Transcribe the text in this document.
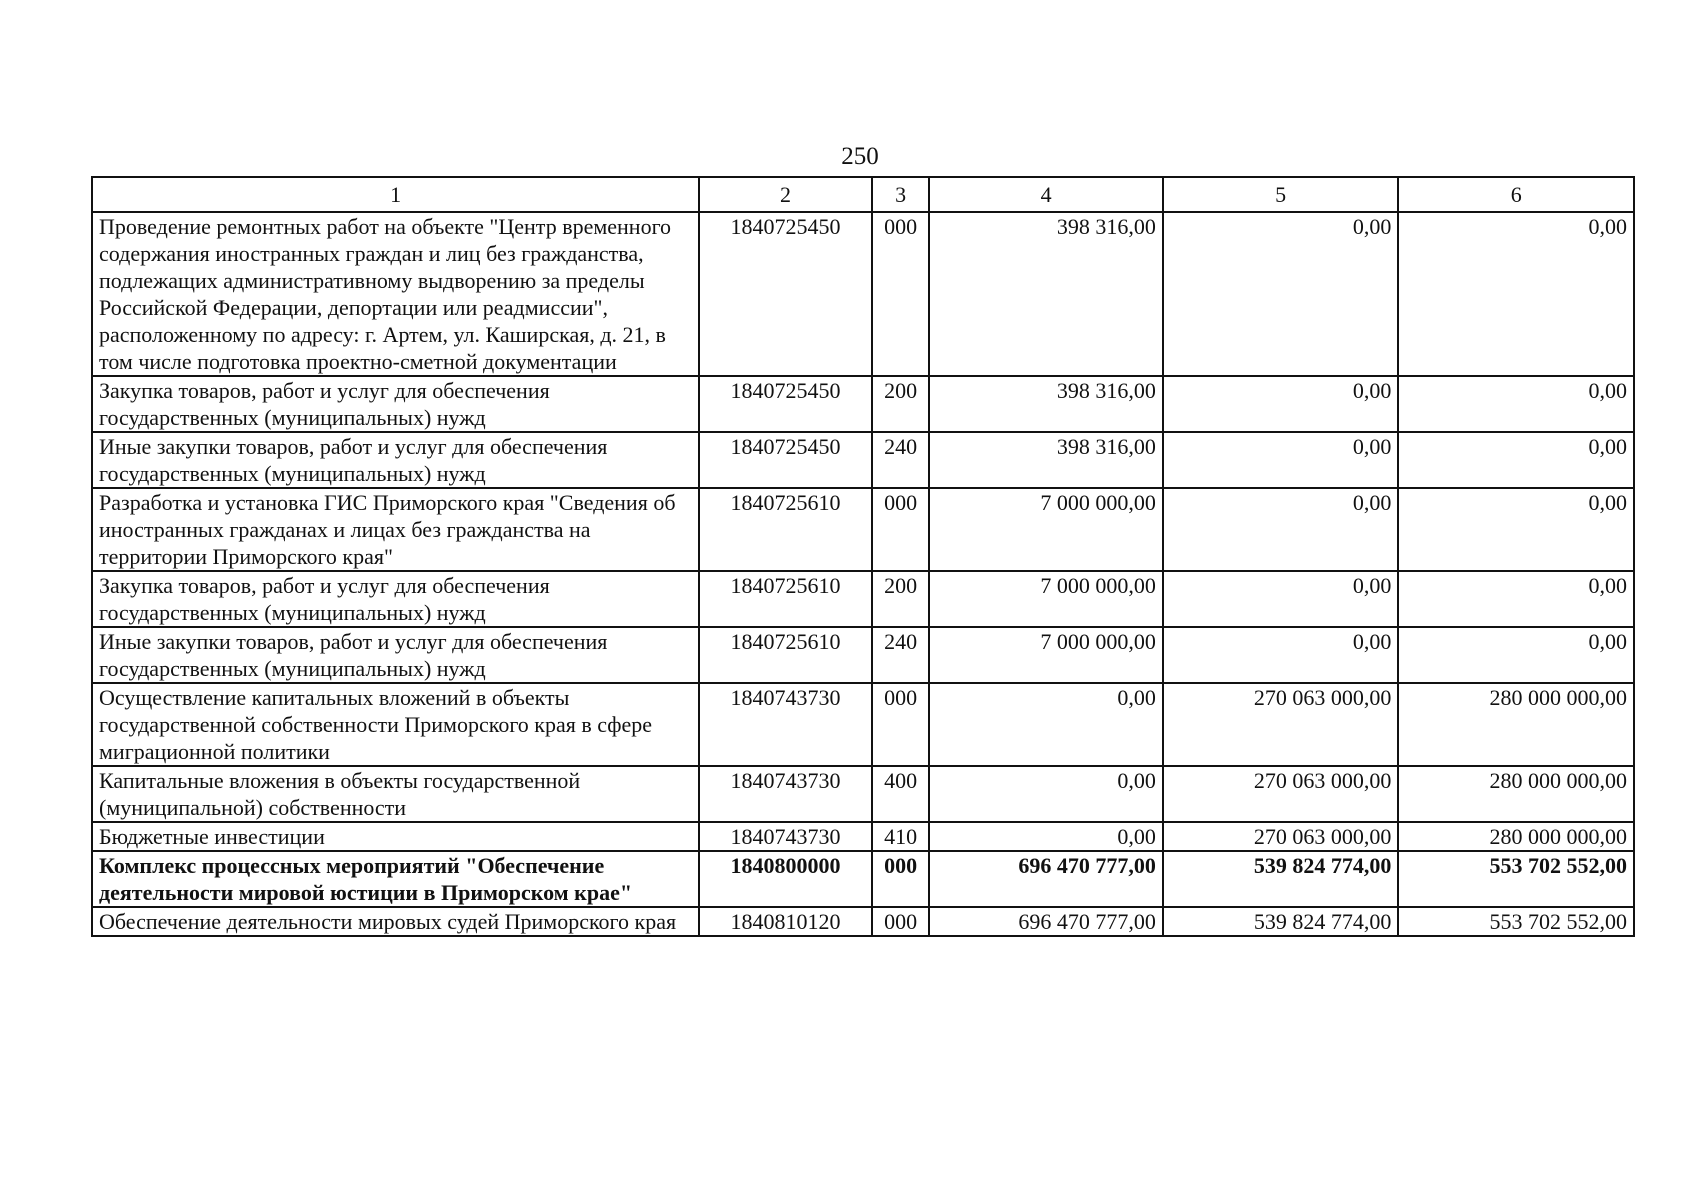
250
1	2	3	4	5	6
Проведение ремонтных работ на объекте "Центр временного содержания иностранных граждан и лиц без гражданства, подлежащих административному выдворению за пределы Российской Федерации, депортации или реадмиссии", расположенному по адресу: г. Артем, ул. Каширская, д. 21, в том числе подготовка проектно-сметной документации	1840725450	000	398 316,00	0,00	0,00
Закупка товаров, работ и услуг для обеспечения государственных (муниципальных) нужд	1840725450	200	398 316,00	0,00	0,00
Иные закупки товаров, работ и услуг для обеспечения государственных (муниципальных) нужд	1840725450	240	398 316,00	0,00	0,00
Разработка и установка ГИС Приморского края "Сведения об иностранных гражданах и лицах без гражданства на территории Приморского края"	1840725610	000	7 000 000,00	0,00	0,00
Закупка товаров, работ и услуг для обеспечения государственных (муниципальных) нужд	1840725610	200	7 000 000,00	0,00	0,00
Иные закупки товаров, работ и услуг для обеспечения государственных (муниципальных) нужд	1840725610	240	7 000 000,00	0,00	0,00
Осуществление капитальных вложений в объекты государственной собственности Приморского края в сфере миграционной политики	1840743730	000	0,00	270 063 000,00	280 000 000,00
Капитальные вложения в объекты государственной (муниципальной) собственности	1840743730	400	0,00	270 063 000,00	280 000 000,00
Бюджетные инвестиции	1840743730	410	0,00	270 063 000,00	280 000 000,00
Комплекс процессных мероприятий "Обеспечение деятельности мировой юстиции в Приморском крае"	1840800000	000	696 470 777,00	539 824 774,00	553 702 552,00
Обеспечение деятельности мировых судей Приморского края	1840810120	000	696 470 777,00	539 824 774,00	553 702 552,00
